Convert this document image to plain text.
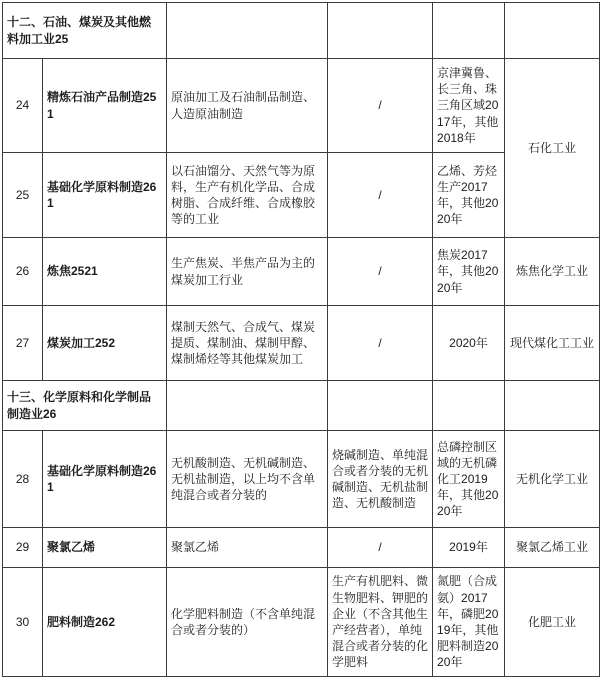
十二、石油、煤炭及其他燃料加工业25					
24	精炼石油产品制造251	原油加工及石油制品制造、人造原油制造	/	京津冀鲁、长三角、珠三角区域2017年，其他2018年	石化工业
25	基础化学原料制造261	以石油馏分、天然气等为原料，生产有机化学品、合成树脂、合成纤维、合成橡胶等的工业	/	乙烯、芳烃生产2017年，其他2020年	
26	炼焦2521	生产焦炭、半焦产品为主的煤炭加工行业	/	焦炭2017年，其他2020年	炼焦化学工业
27	煤炭加工252	煤制天然气、合成气、煤炭提质、煤制油、煤制甲醇、煤制烯烃等其他煤炭加工	/	2020年	现代煤化工工业
十三、化学原料和化学制品制造业26					
28	基础化学原料制造261	无机酸制造、无机碱制造、无机盐制造，以上均不含单纯混合或者分装的	烧碱制造、单纯混合或者分装的无机碱制造、无机盐制造、无机酸制造	总磷控制区域的无机磷化工2019年，其他2020年	无机化学工业
29	聚氯乙烯	聚氯乙烯	/	2019年	聚氯乙烯工业
30	肥料制造262	化学肥料制造（不含单纯混合或者分装的）	生产有机肥料、微生物肥料、钾肥的企业（不含其他生产经营者），单纯混合或者分装的化学肥料	氮肥（合成氨）2017年，磷肥2019年，其他肥料制造2020年	化肥工业
